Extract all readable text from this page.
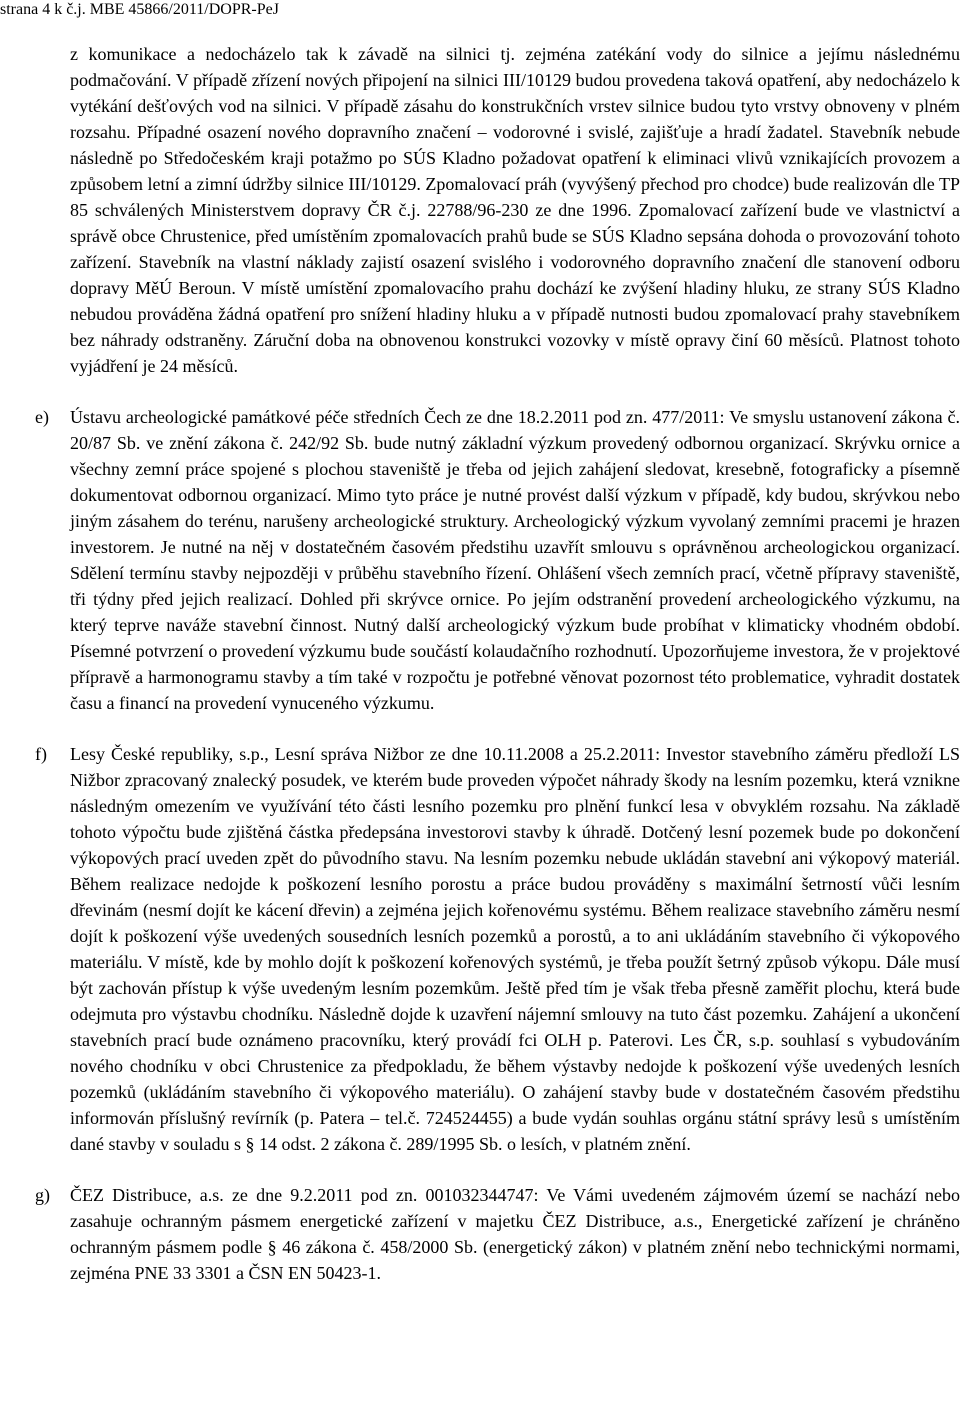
strana 4 k č.j. MBE 45866/2011/DOPR-PeJ

z komunikace a nedocházelo tak k závadě na silnici tj. zejména zatékání vody do silnice a jejímu následnému podmačování. V případě zřízení nových připojení na silnici III/10129 budou provedena taková opatření, aby nedocházelo k vytékání dešťových vod na silnici. V případě zásahu do konstrukčních vrstev silnice budou tyto vrstvy obnoveny v plném rozsahu. Případné osazení nového dopravního značení – vodorovné i svislé, zajišťuje a hradí žadatel. Stavebník nebude následně po Středočeském kraji potažmo po SÚS Kladno požadovat opatření k eliminaci vlivů vznikajících provozem a způsobem letní a zimní údržby silnice III/10129. Zpomalovací práh (vyvýšený přechod pro chodce) bude realizován dle TP 85 schválených Ministerstvem dopravy ČR č.j. 22788/96-230 ze dne 1996. Zpomalovací zařízení bude ve vlastnictví a správě obce Chrustenice, před umístěním zpomalovacích prahů bude se SÚS Kladno sepsána dohoda o provozování tohoto zařízení. Stavebník na vlastní náklady zajistí osazení svislého i vodorovného dopravního značení dle stanovení odboru dopravy MěÚ Beroun. V místě umístění zpomalovacího prahu dochází ke zvýšení hladiny hluku, ze strany SÚS Kladno nebudou prováděna žádná opatření pro snížení hladiny hluku a v případě nutnosti budou zpomalovací prahy stavebníkem bez náhrady odstraněny. Záruční doba na obnovenou konstrukci vozovky v místě opravy činí 60 měsíců. Platnost tohoto vyjádření je 24 měsíců.

e)	Ústavu archeologické památkové péče středních Čech ze dne 18.2.2011 pod zn. 477/2011: Ve smyslu ustanovení zákona č. 20/87 Sb. ve znění zákona č. 242/92 Sb. bude nutný základní výzkum provedený odbornou organizací. Skrývku ornice a všechny zemní práce spojené s plochou staveniště je třeba od jejich zahájení sledovat, kresebně, fotograficky a písemně dokumentovat odbornou organizací. Mimo tyto práce je nutné provést další výzkum v případě, kdy budou, skrývkou nebo jiným zásahem do terénu, narušeny archeologické struktury. Archeologický výzkum vyvolaný zemními pracemi je hrazen investorem. Je nutné na něj v dostatečném časovém předstihu uzavřít smlouvu s oprávněnou archeologickou organizací. Sdělení termínu stavby nejpozději v průběhu stavebního řízení. Ohlášení všech zemních prací, včetně přípravy staveniště, tři týdny před jejich realizací. Dohled při skrývce ornice. Po jejím odstranění provedení archeologického výzkumu, na který teprve naváže stavební činnost. Nutný další archeologický výzkum bude probíhat v klimaticky vhodném období. Písemné potvrzení o provedení výzkumu bude součástí kolaudačního rozhodnutí. Upozorňujeme investora, že v projektové přípravě a harmonogramu stavby a tím také v rozpočtu je potřebné věnovat pozornost této problematice, vyhradit dostatek času a financí na provedení vynuceného výzkumu.

f)	Lesy České republiky, s.p., Lesní správa Nižbor ze dne 10.11.2008 a 25.2.2011: Investor stavebního záměru předloží LS Nižbor zpracovaný znalecký posudek, ve kterém bude proveden výpočet náhrady škody na lesním pozemku, která vznikne následným omezením ve využívání této části lesního pozemku pro plnění funkcí lesa v obvyklém rozsahu. Na základě tohoto výpočtu bude zjištěná částka předepsána investorovi stavby k úhradě. Dotčený lesní pozemek bude po dokončení výkopových prací uveden zpět do původního stavu. Na lesním pozemku nebude ukládán stavební ani výkopový materiál. Během realizace nedojde k poškození lesního porostu a práce budou prováděny s maximální šetrností vůči lesním dřevinám (nesmí dojít ke kácení dřevin) a zejména jejich kořenovému systému. Během realizace stavebního záměru nesmí dojít k poškození výše uvedených sousedních lesních pozemků a porostů, a to ani ukládáním stavebního či výkopového materiálu. V místě, kde by mohlo dojít k poškození kořenových systémů, je třeba použít šetrný způsob výkopu. Dále musí být zachován přístup k výše uvedeným lesním pozemkům. Ještě před tím je však třeba přesně zaměřit plochu, která bude odejmuta pro výstavbu chodníku. Následně dojde k uzavření nájemní smlouvy na tuto část pozemku. Zahájení a ukončení stavebních prací bude oznámeno pracovníku, který provádí fci OLH p. Paterovi. Les ČR, s.p. souhlasí s vybudováním nového chodníku v obci Chrustenice za předpokladu, že během výstavby nedojde k poškození výše uvedených lesních pozemků (ukládáním stavebního či výkopového materiálu). O zahájení stavby bude v dostatečném časovém předstihu informován příslušný revírník (p. Patera – tel.č. 724524455) a bude vydán souhlas orgánu státní správy lesů s umístěním dané stavby v souladu s § 14 odst. 2 zákona č. 289/1995 Sb. o lesích, v platném znění.

g)	ČEZ Distribuce, a.s. ze dne 9.2.2011 pod zn. 001032344747: Ve Vámi uvedeném zájmovém území se nachází nebo zasahuje ochranným pásmem energetické zařízení v majetku ČEZ Distribuce, a.s., Energetické zařízení je chráněno ochranným pásmem podle § 46 zákona č. 458/2000 Sb. (energetický zákon) v platném znění nebo technickými normami, zejména PNE 33 3301 a ČSN EN 50423-1.
